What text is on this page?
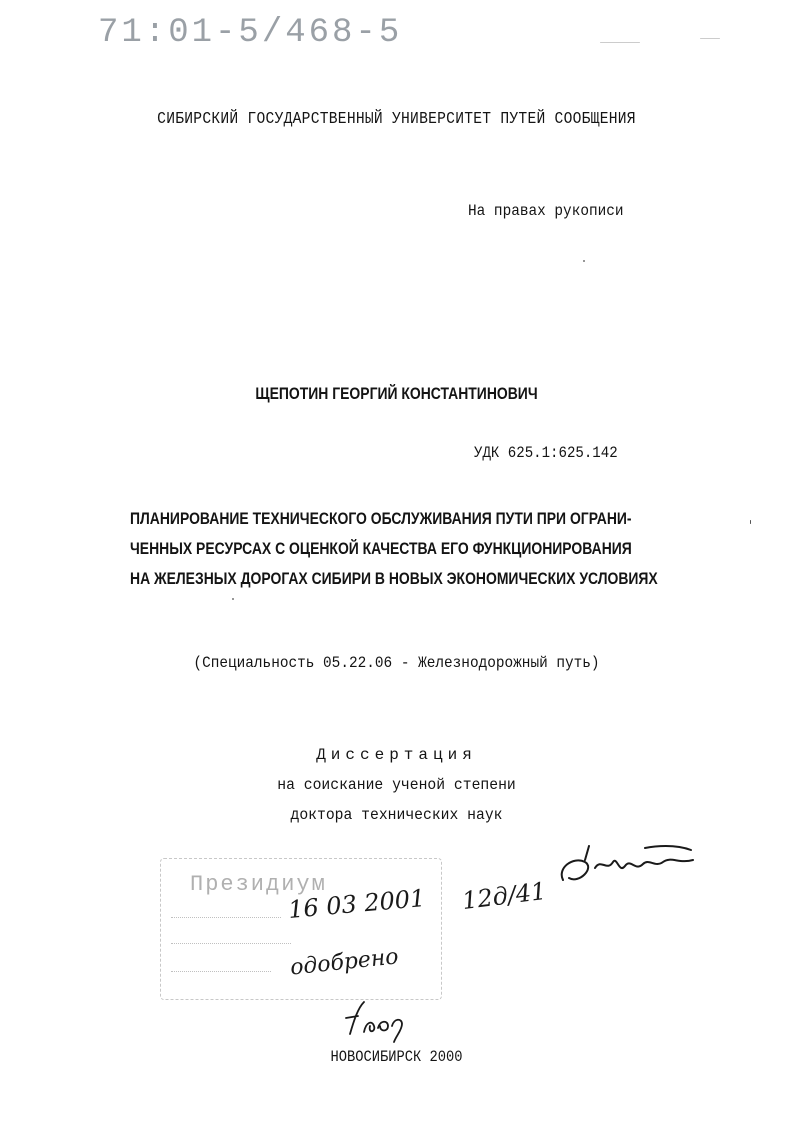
71:01-5/468-5
СИБИРСКИЙ ГОСУДАРСТВЕННЫЙ УНИВЕРСИТЕТ ПУТЕЙ СООБЩЕНИЯ
На правах рукописи
ЩЕПОТИН ГЕОРГИЙ КОНСТАНТИНОВИЧ
УДК 625.1:625.142
ПЛАНИРОВАНИЕ ТЕХНИЧЕСКОГО ОБСЛУЖИВАНИЯ ПУТИ ПРИ ОГРАНИ-
ЧЕННЫХ РЕСУРСАХ С ОЦЕНКОЙ КАЧЕСТВА ЕГО ФУНКЦИОНИРОВАНИЯ
НА ЖЕЛЕЗНЫХ ДОРОГАХ СИБИРИ В НОВЫХ ЭКОНОМИЧЕСКИХ УСЛОВИЯХ
(Специальность 05.22.06 - Железнодорожный путь)
Диссертация
на соискание ученой степени
доктора технических наук
Президиум
16 03 2001 12д/41
одобрено
НОВОСИБИРСК 2000
